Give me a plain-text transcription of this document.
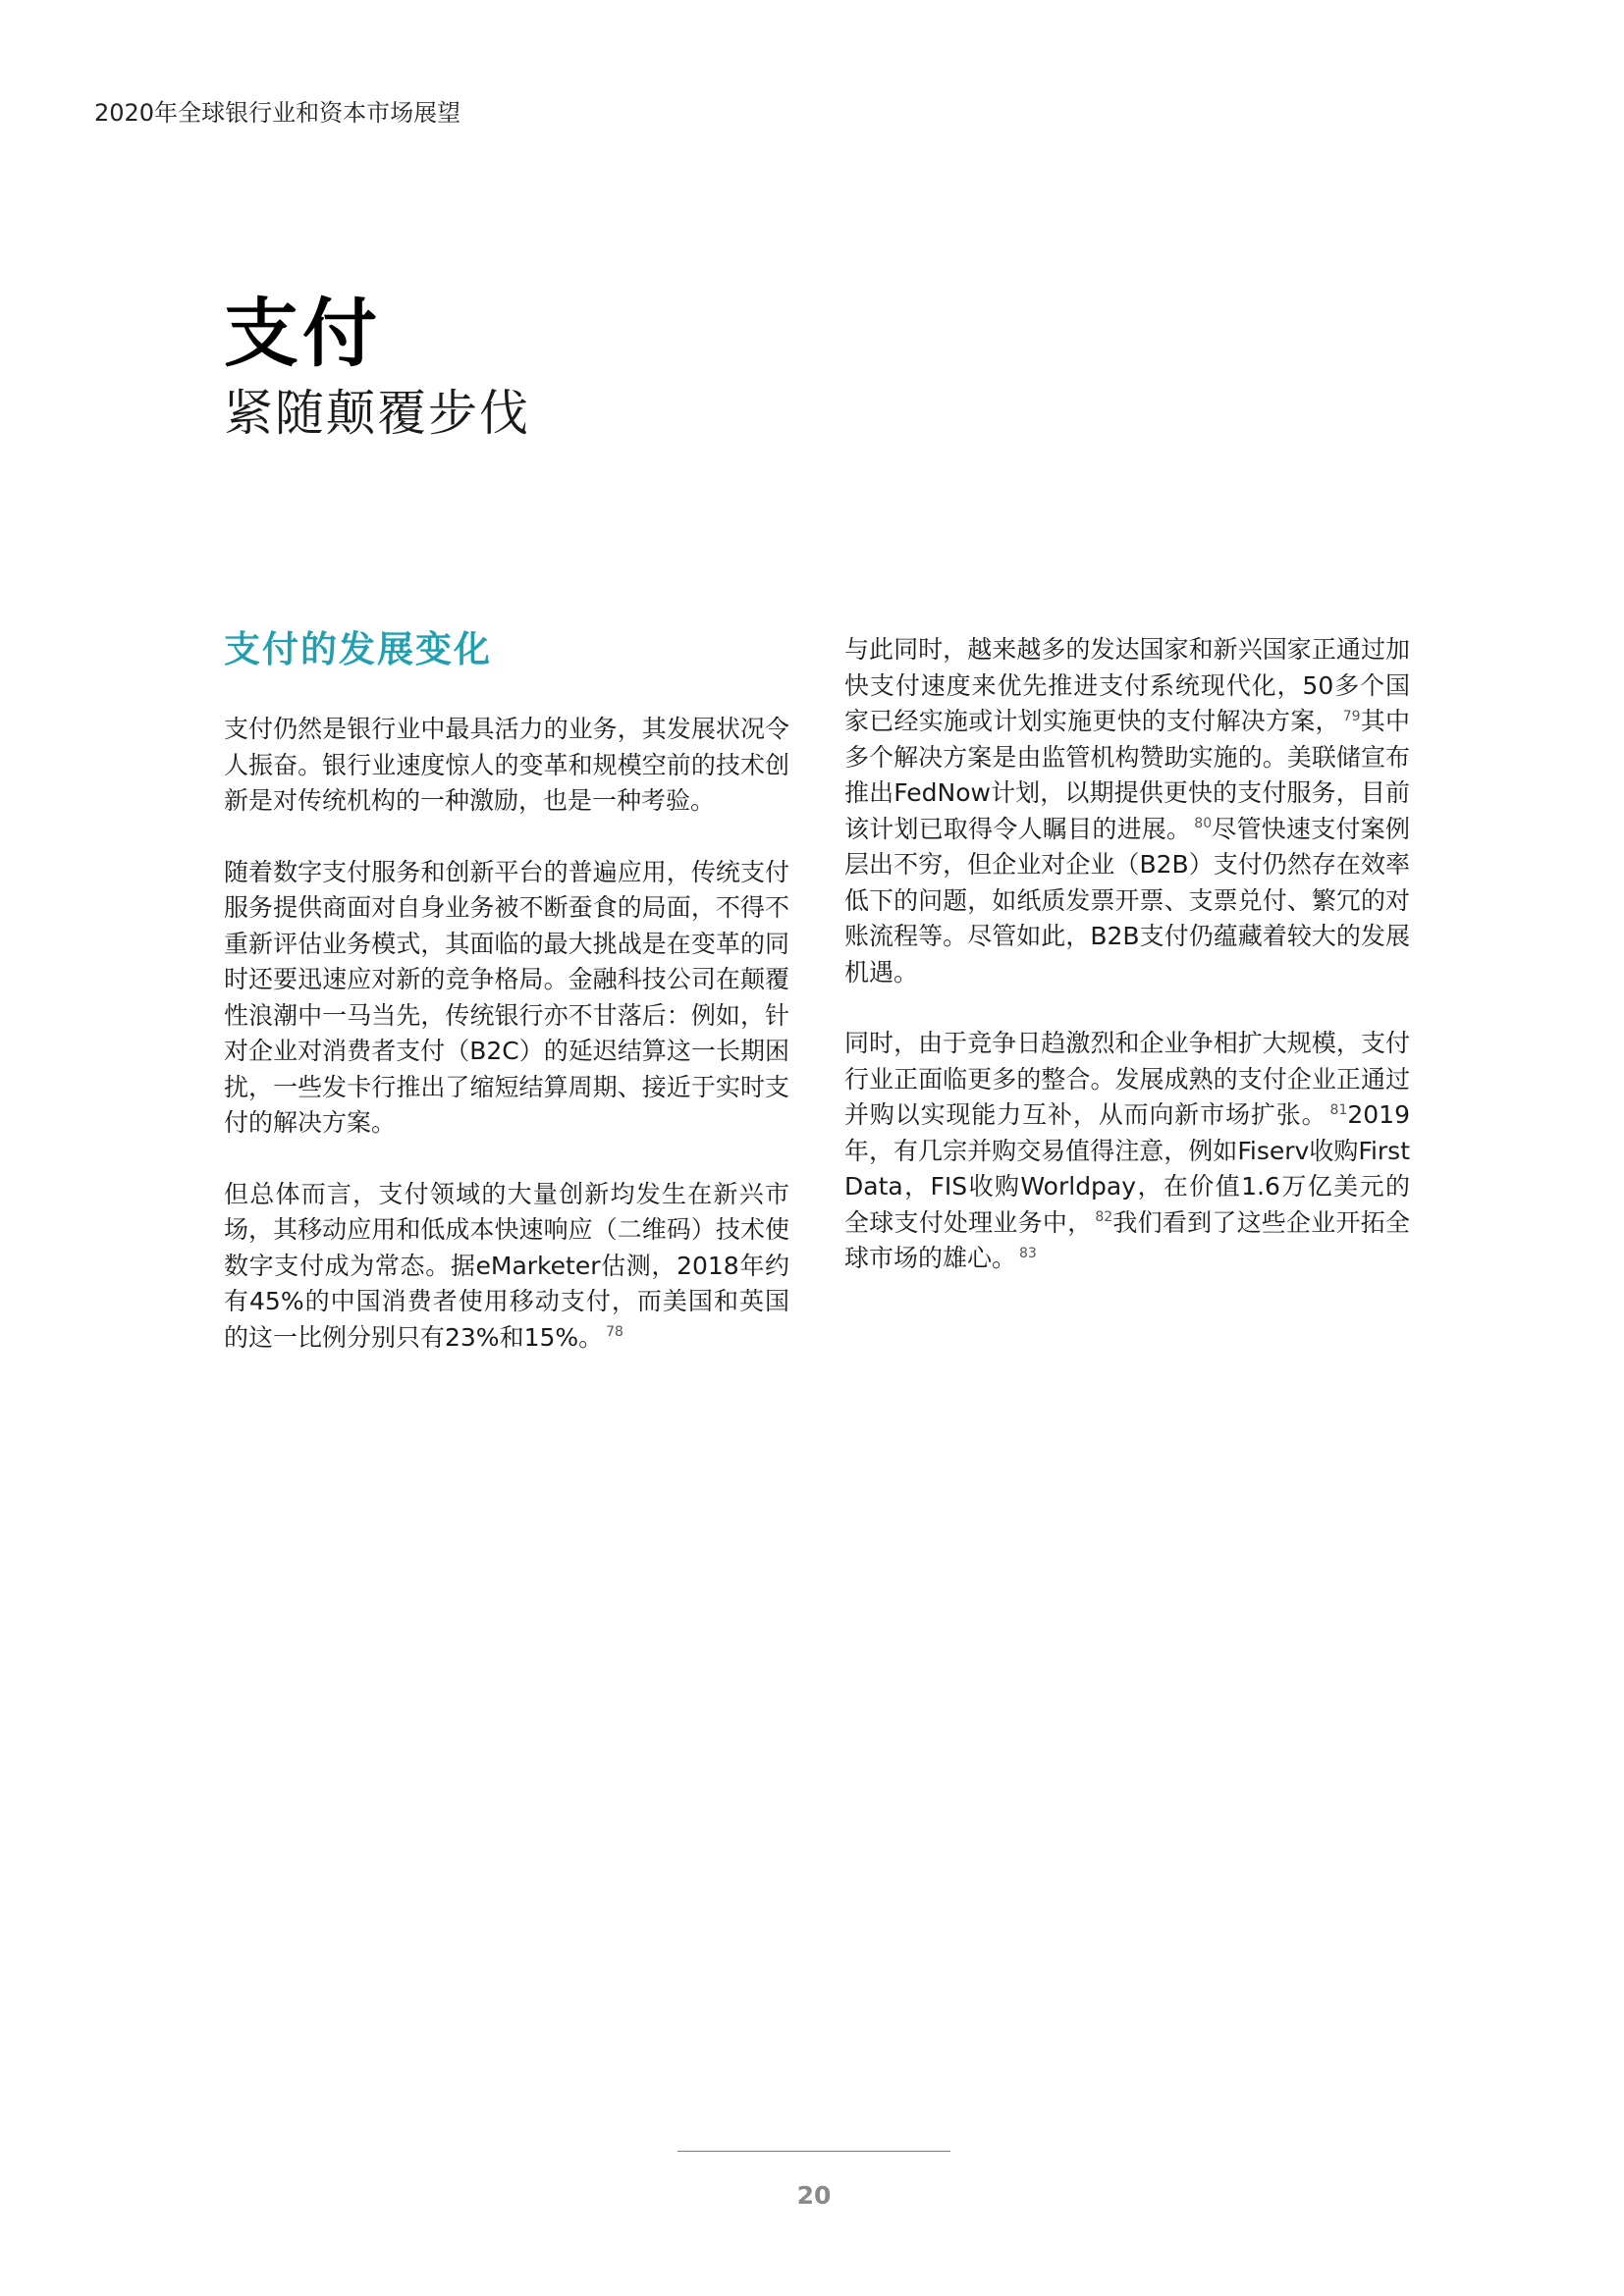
2020年全球银行业和资本市场展望
支付
紧随颠覆步伐
支付的发展变化

支付仍然是银行业中最具活力的业务，其发展状况令人振奋。银行业速度惊人的变革和规模空前的技术创新是对传统机构的一种激励，也是一种考验。

随着数字支付服务和创新平台的普遍应用，传统支付服务提供商面对自身业务被不断蚕食的局面，不得不重新评估业务模式，其面临的最大挑战是在变革的同时还要迅速应对新的竞争格局。金融科技公司在颠覆性浪潮中一马当先，传统银行亦不甘落后：例如，针对企业对消费者支付（B2C）的延迟结算这一长期困扰，一些发卡行推出了缩短结算周期、接近于实时支付的解决方案。

但总体而言，支付领域的大量创新均发生在新兴市场，其移动应用和低成本快速响应（二维码）技术使数字支付成为常态。据eMarketer估测，2018年约有45%的中国消费者使用移动支付，而美国和英国的这一比例分别只有23%和15%。 $^{78}$

与此同时，越来越多的发达国家和新兴国家正通过加快支付速度来优先推进支付系统现代化，50多个国家已经实施或计划实施更快的支付解决方案， $^{79}$其中多个解决方案是由监管机构赞助实施的。美联储宣布推出FedNow计划，以期提供更快的支付服务，目前该计划已取得令人瞩目的进展。 $^{80}$尽管快速支付案例层出不穷，但企业对企业（B2B）支付仍然存在效率低下的问题，如纸质发票开票、支票兑付、繁冗的对账流程等。尽管如此，B2B支付仍蕴藏着较大的发展机遇。

同时，由于竞争日趋激烈和企业争相扩大规模，支付行业正面临更多的整合。发展成熟的支付企业正通过并购以实现能力互补，从而向新市场扩张。 $^{81}$2019年，有几宗并购交易值得注意，例如Fiserv收购First Data，FIS收购Worldpay，在价值1.6万亿美元的全球支付处理业务中， $^{82}$我们看到了这些企业开拓全球市场的雄心。 $^{83}$

20
